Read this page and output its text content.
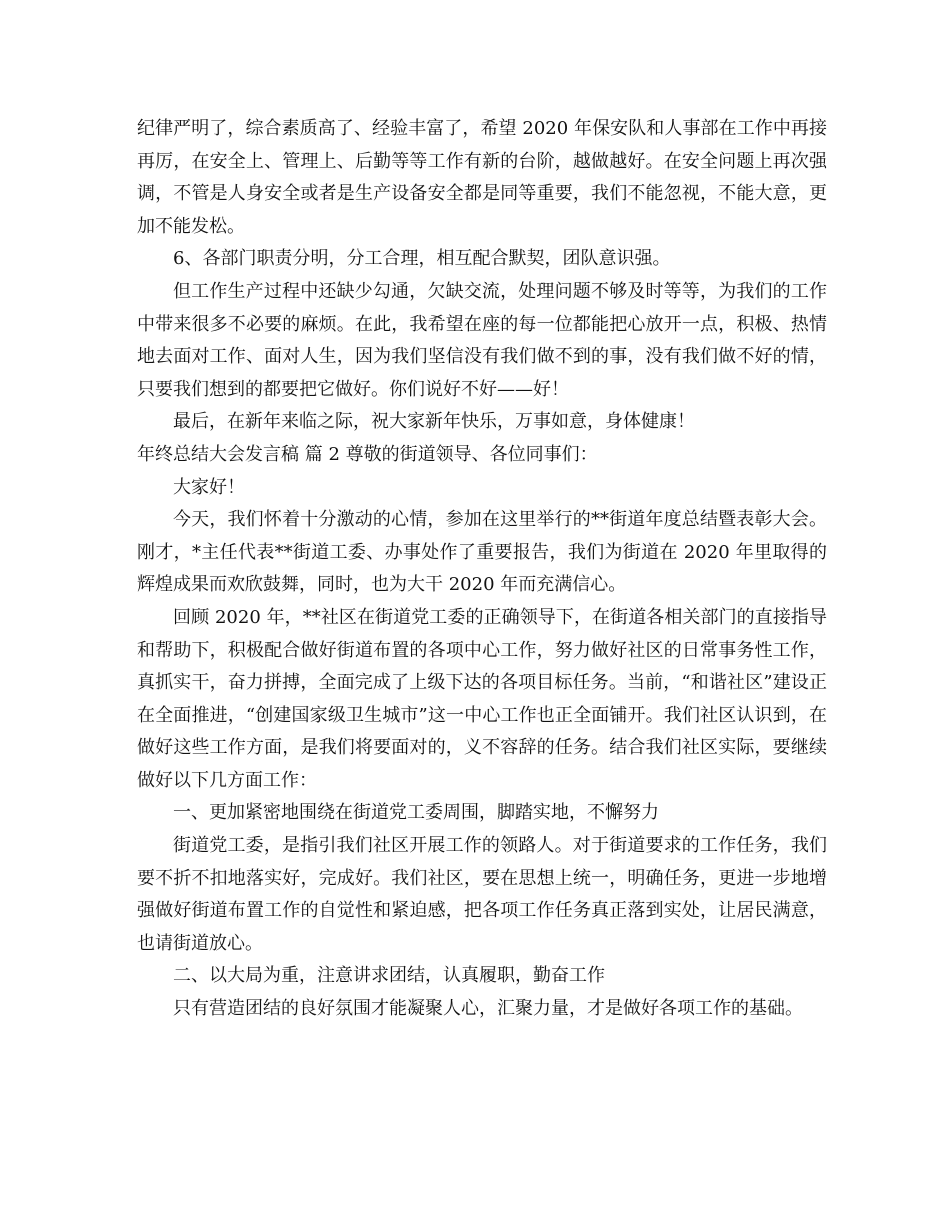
纪律严明了，综合素质高了、经验丰富了，希望 2020 年保安队和人事部在工作中再接再厉，在安全上、管理上、后勤等等工作有新的台阶，越做越好。在安全问题上再次强调，不管是人身安全或者是生产设备安全都是同等重要，我们不能忽视，不能大意，更加不能发松。

6、各部门职责分明，分工合理，相互配合默契，团队意识强。

但工作生产过程中还缺少勾通，欠缺交流，处理问题不够及时等等，为我们的工作中带来很多不必要的麻烦。在此，我希望在座的每一位都能把心放开一点，积极、热情地去面对工作、面对人生，因为我们坚信没有我们做不到的事，没有我们做不好的情，只要我们想到的都要把它做好。你们说好不好——好！

最后，在新年来临之际，祝大家新年快乐，万事如意，身体健康！

年终总结大会发言稿 篇 2 尊敬的街道领导、各位同事们：

大家好！

今天，我们怀着十分激动的心情，参加在这里举行的**街道年度总结暨表彰大会。刚才，*主任代表**街道工委、办事处作了重要报告，我们为街道在 2020 年里取得的辉煌成果而欢欣鼓舞，同时，也为大干 2020 年而充满信心。

回顾 2020 年，**社区在街道党工委的正确领导下，在街道各相关部门的直接指导和帮助下，积极配合做好街道布置的各项中心工作，努力做好社区的日常事务性工作，真抓实干，奋力拼搏，全面完成了上级下达的各项目标任务。当前，“和谐社区”建设正在全面推进，“创建国家级卫生城市”这一中心工作也正全面铺开。我们社区认识到，在做好这些工作方面，是我们将要面对的，义不容辞的任务。结合我们社区实际，要继续做好以下几方面工作：

一、更加紧密地围绕在街道党工委周围，脚踏实地，不懈努力

街道党工委，是指引我们社区开展工作的领路人。对于街道要求的工作任务，我们要不折不扣地落实好，完成好。我们社区，要在思想上统一，明确任务，更进一步地增强做好街道布置工作的自觉性和紧迫感，把各项工作任务真正落到实处，让居民满意，也请街道放心。

二、以大局为重，注意讲求团结，认真履职，勤奋工作

只有营造团结的良好氛围才能凝聚人心，汇聚力量，才是做好各项工作的基础。
